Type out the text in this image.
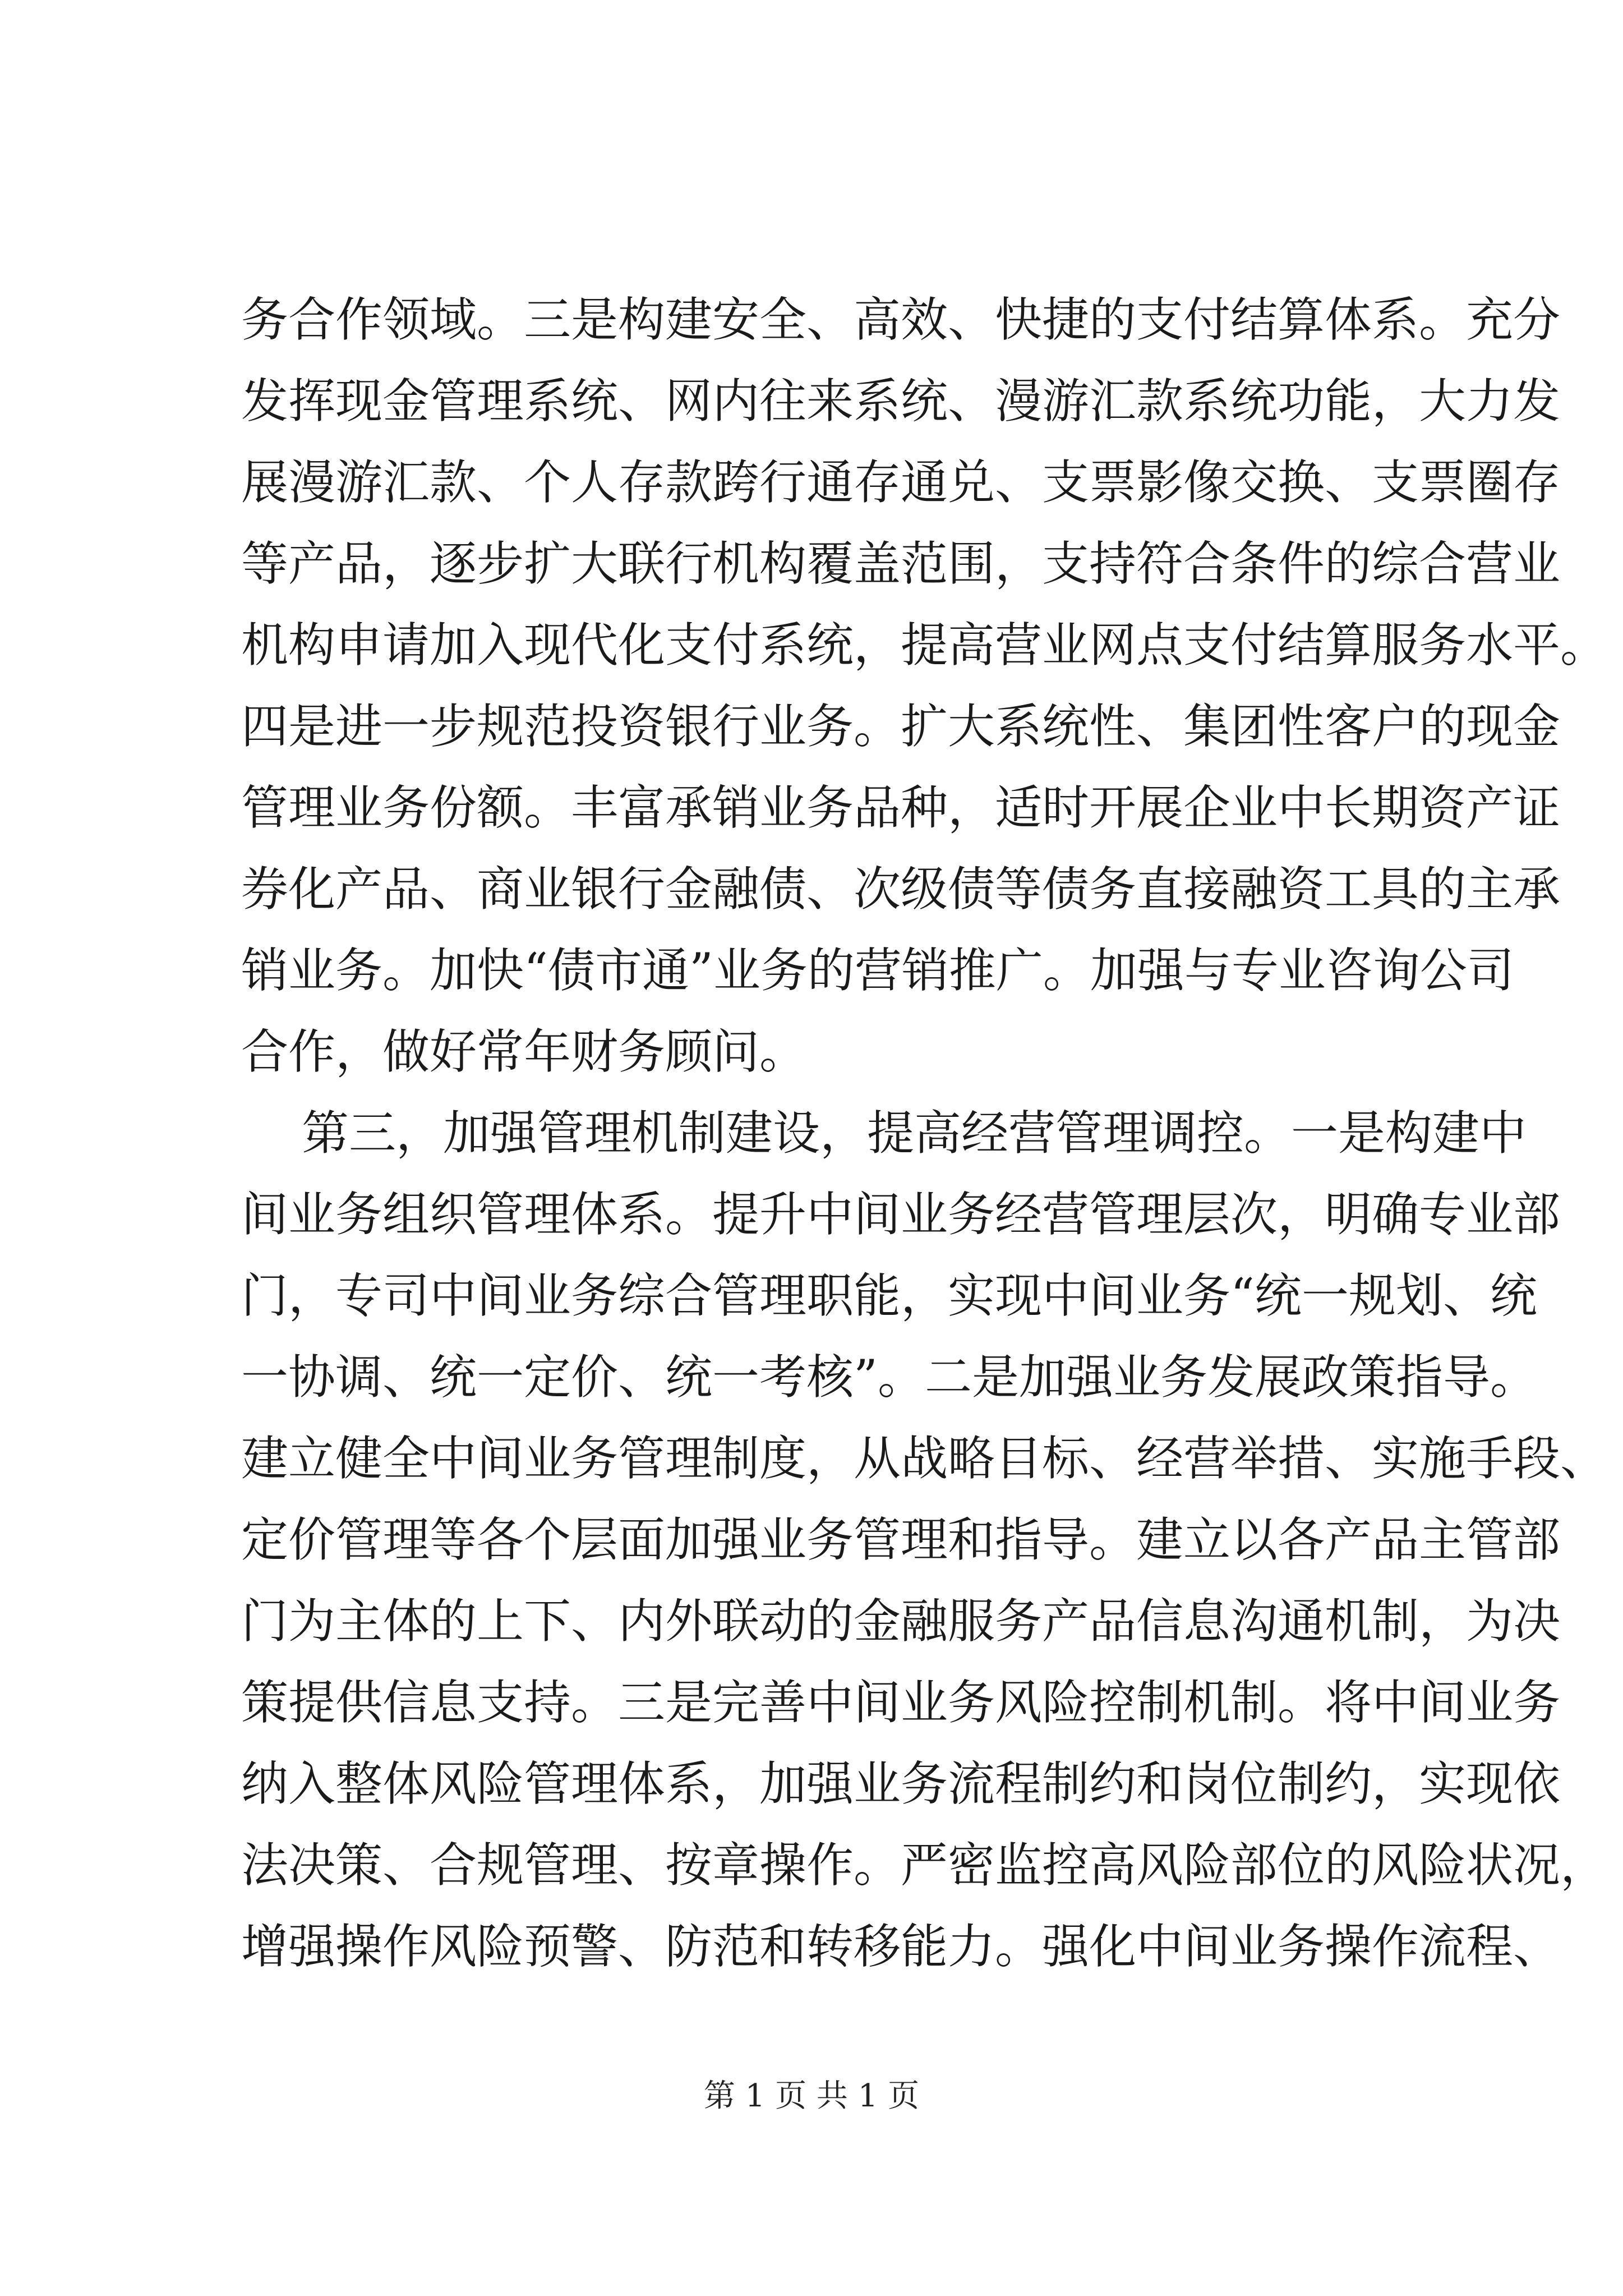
务合作领域。三是构建安全、高效、快捷的支付结算体系。充分
发挥现金管理系统、网内往来系统、漫游汇款系统功能，大力发
展漫游汇款、个人存款跨行通存通兑、支票影像交换、支票圈存
等产品，逐步扩大联行机构覆盖范围，支持符合条件的综合营业
机构申请加入现代化支付系统，提高营业网点支付结算服务水平。
四是进一步规范投资银行业务。扩大系统性、集团性客户的现金
管理业务份额。丰富承销业务品种，适时开展企业中长期资产证
券化产品、商业银行金融债、次级债等债务直接融资工具的主承
销业务。加快“债市通”业务的营销推广。加强与专业咨询公司
合作，做好常年财务顾问。
第三，加强管理机制建设，提高经营管理调控。一是构建中
间业务组织管理体系。提升中间业务经营管理层次，明确专业部
门，专司中间业务综合管理职能，实现中间业务“统一规划、统
一协调、统一定价、统一考核”。二是加强业务发展政策指导。
建立健全中间业务管理制度，从战略目标、经营举措、实施手段、
定价管理等各个层面加强业务管理和指导。建立以各产品主管部
门为主体的上下、内外联动的金融服务产品信息沟通机制，为决
策提供信息支持。三是完善中间业务风险控制机制。将中间业务
纳入整体风险管理体系，加强业务流程制约和岗位制约，实现依
法决策、合规管理、按章操作。严密监控高风险部位的风险状况，
增强操作风险预警、防范和转移能力。强化中间业务操作流程、
第 1 页 共 1 页
